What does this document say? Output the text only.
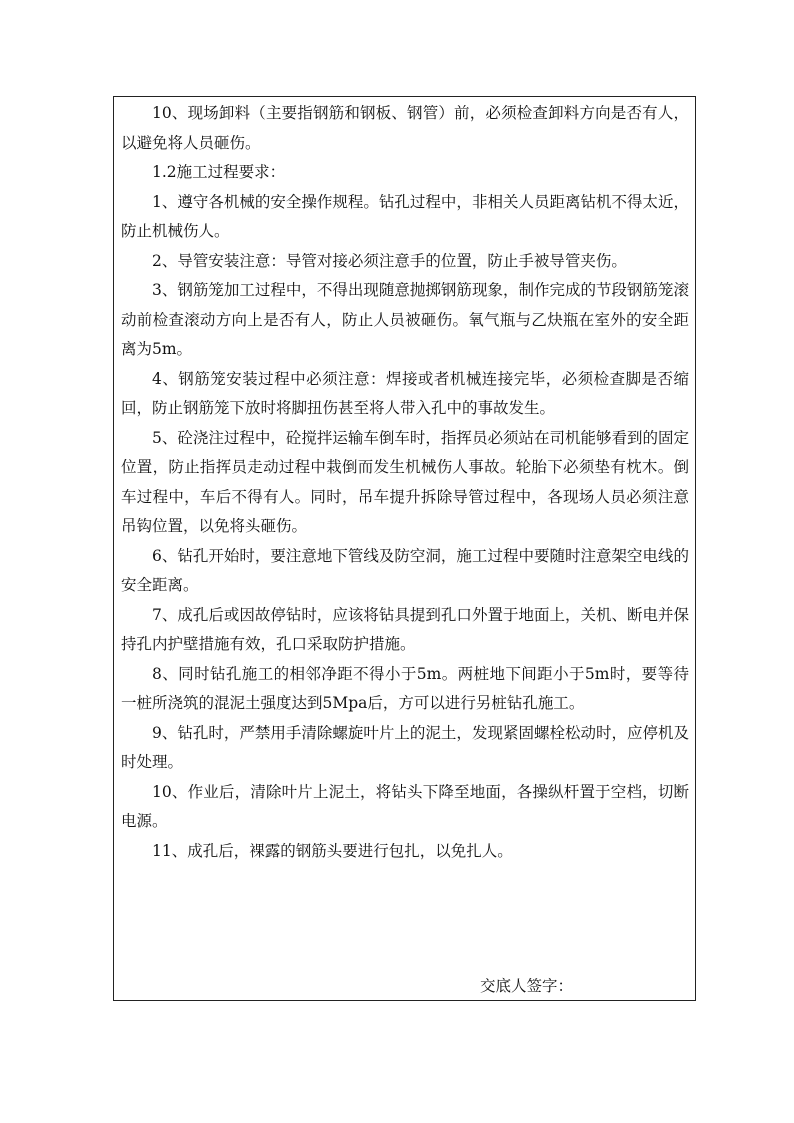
10、现场卸料（主要指钢筋和钢板、钢管）前，必须检查卸料方向是否有人，以避免将人员砸伤。

1.2施工过程要求：

1、遵守各机械的安全操作规程。钻孔过程中，非相关人员距离钻机不得太近，防止机械伤人。

2、导管安装注意：导管对接必须注意手的位置，防止手被导管夹伤。

3、钢筋笼加工过程中，不得出现随意抛掷钢筋现象，制作完成的节段钢筋笼滚动前检查滚动方向上是否有人，防止人员被砸伤。氧气瓶与乙炔瓶在室外的安全距离为5m。

4、钢筋笼安装过程中必须注意：焊接或者机械连接完毕，必须检查脚是否缩回，防止钢筋笼下放时将脚扭伤甚至将人带入孔中的事故发生。

5、砼浇注过程中，砼搅拌运输车倒车时，指挥员必须站在司机能够看到的固定位置，防止指挥员走动过程中栽倒而发生机械伤人事故。轮胎下必须垫有枕木。倒车过程中，车后不得有人。同时，吊车提升拆除导管过程中，各现场人员必须注意吊钩位置，以免将头砸伤。

6、钻孔开始时，要注意地下管线及防空洞，施工过程中要随时注意架空电线的安全距离。

7、成孔后或因故停钻时，应该将钻具提到孔口外置于地面上，关机、断电并保持孔内护壁措施有效，孔口采取防护措施。

8、同时钻孔施工的相邻净距不得小于5m。两桩地下间距小于5m时，要等待一桩所浇筑的混泥土强度达到5Mpa后，方可以进行另桩钻孔施工。

9、钻孔时，严禁用手清除螺旋叶片上的泥土，发现紧固螺栓松动时，应停机及时处理。

10、作业后，清除叶片上泥土，将钻头下降至地面，各操纵杆置于空档，切断电源。

11、成孔后，裸露的钢筋头要进行包扎，以免扎人。

交底人签字：
